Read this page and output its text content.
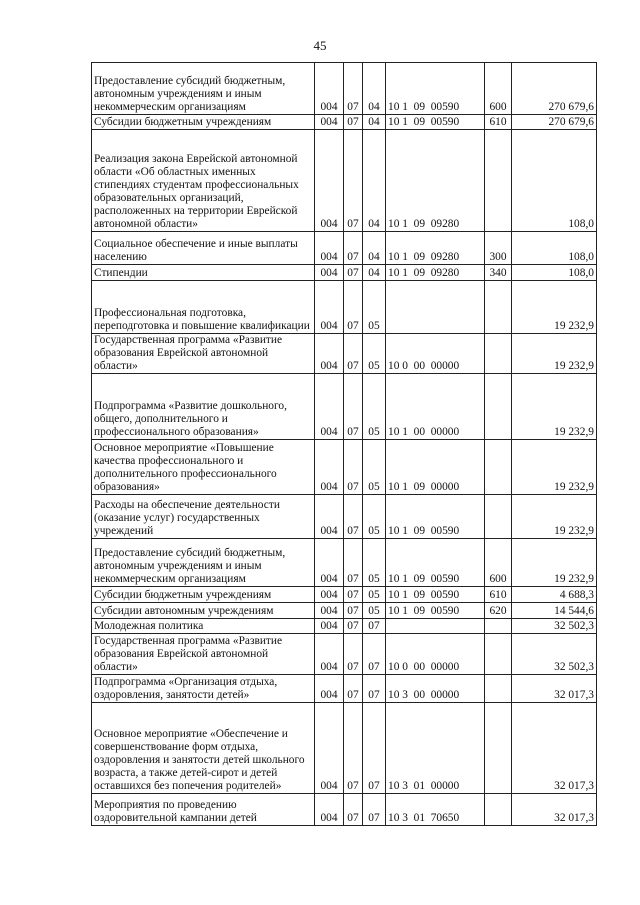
45
Предоставление субсидий бюджетным, автономным учреждениям и иным некоммерческим организациям	004	07	04	10 1  09  00590	600	270 679,6
Субсидии бюджетным учреждениям	004	07	04	10 1  09  00590	610	270 679,6
Реализация закона Еврейской автономной области «Об областных именных стипендиях студентам профессиональных образовательных организаций, расположенных на территории Еврейской автономной области»	004	07	04	10 1  09  09280		108,0
Социальное обеспечение и иные выплаты населению	004	07	04	10 1  09  09280	300	108,0
Стипендии	004	07	04	10 1  09  09280	340	108,0
Профессиональная подготовка, переподготовка и повышение квалификации	004	07	05			19 232,9
Государственная программа «Развитие образования Еврейской автономной области»	004	07	05	10 0  00  00000		19 232,9
Подпрограмма «Развитие дошкольного, общего, дополнительного и профессионального образования»	004	07	05	10 1  00  00000		19 232,9
Основное мероприятие «Повышение качества профессионального и дополнительного профессионального образования»	004	07	05	10 1  09  00000		19 232,9
Расходы на обеспечение деятельности (оказание услуг) государственных учреждений	004	07	05	10 1  09  00590		19 232,9
Предоставление субсидий бюджетным, автономным учреждениям и иным некоммерческим организациям	004	07	05	10 1  09  00590	600	19 232,9
Субсидии бюджетным учреждениям	004	07	05	10 1  09  00590	610	4 688,3
Субсидии автономным учреждениям	004	07	05	10 1  09  00590	620	14 544,6
Молодежная политика	004	07	07			32 502,3
Государственная программа «Развитие образования Еврейской автономной области»	004	07	07	10 0  00  00000		32 502,3
Подпрограмма «Организация отдыха, оздоровления, занятости детей»	004	07	07	10 3  00  00000		32 017,3
Основное мероприятие «Обеспечение и совершенствование форм отдыха, оздоровления и занятости детей школьного возраста, а также детей-сирот и детей оставшихся без попечения родителей»	004	07	07	10 3  01  00000		32 017,3
Мероприятия по проведению оздоровительной кампании детей	004	07	07	10 3  01  70650		32 017,3
